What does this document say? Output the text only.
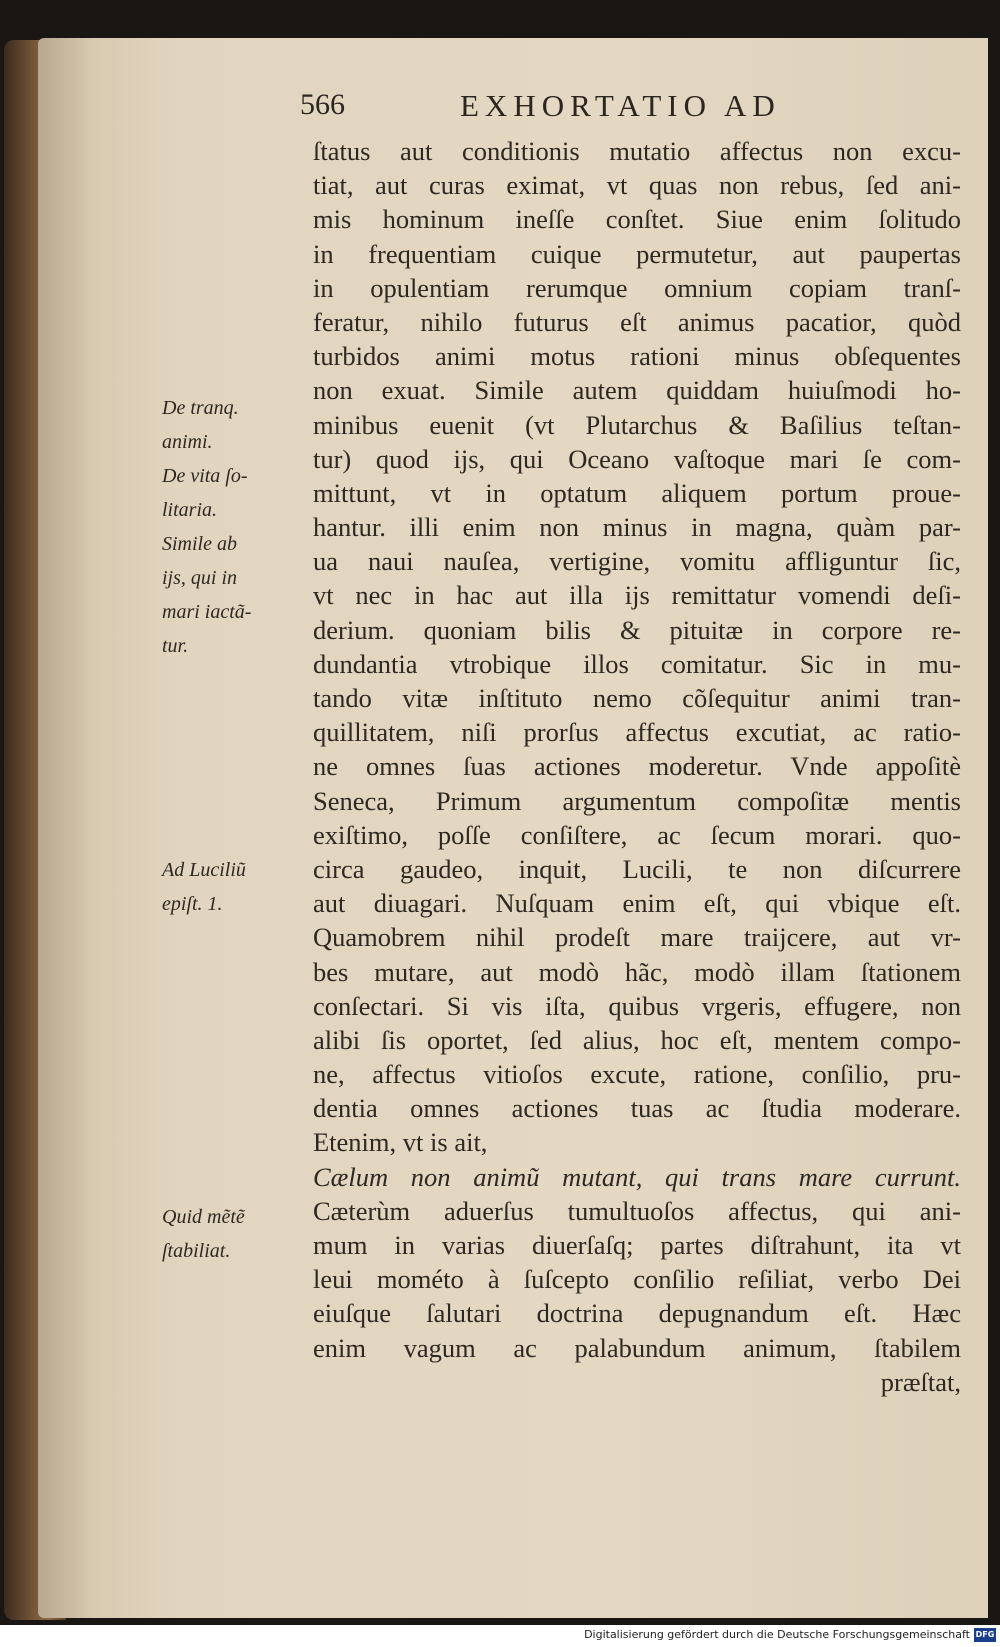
566	EXHORTATIO AD
ſtatus aut conditionis mutatio affectus non excu-
tiat, aut curas eximat, vt quas non rebus, ſed ani-
mis hominum ineſſe conſtet. Siue enim ſolitudo
in frequentiam cuique permutetur, aut paupertas
in opulentiam rerumque omnium copiam tranſ-
feratur, nihilo futurus eſt animus pacatior, quòd
turbidos animi motus rationi minus obſequentes
non exuat. Simile autem quiddam huiuſmodi ho-
minibus euenit (vt Plutarchus & Baſilius teſtan-
tur) quod ijs, qui Oceano vaſtoque mari ſe com-
mittunt, vt in optatum aliquem portum proue-
hantur. illi enim non minus in magna, quàm par-
ua naui nauſea, vertigine, vomitu affliguntur ſic,
vt nec in hac aut illa ijs remittatur vomendi deſi-
derium. quoniam bilis & pituitæ in corpore re-
dundantia vtrobique illos comitatur. Sic in mu-
tando vitæ inſtituto nemo cõſequitur animi tran-
quillitatem, niſi prorſus affectus excutiat, ac ratio-
ne omnes ſuas actiones moderetur. Vnde appoſitè
Seneca, Primum argumentum compoſitæ mentis
exiſtimo, poſſe conſiſtere, ac ſecum morari. quo-
circa gaudeo, inquit, Lucili, te non diſcurrere
aut diuagari. Nuſquam enim eſt, qui vbique eſt.
Quamobrem nihil prodeſt mare traijcere, aut vr-
bes mutare, aut modò hãc, modò illam ſtationem
conſectari. Si vis iſta, quibus vrgeris, effugere, non
alibi ſis oportet, ſed alius, hoc eſt, mentem compo-
ne, affectus vitioſos excute, ratione, conſilio, pru-
dentia omnes actiones tuas ac ſtudia moderare.
Etenim, vt is ait,
Cælum non animũ mutant, qui trans mare currunt.
Cæterùm aduerſus tumultuoſos affectus, qui ani-
mum in varias diuerſaſq; partes diſtrahunt, ita vt
leui mométo à ſuſcepto conſilio reſiliat, verbo Dei
eiuſque ſalutari doctrina depugnandum eſt. Hæc
enim vagum ac palabundum animum, ſtabilem
præſtat,
De tranq.
animi.
De vita ſo-
litaria.
Simile ab
ijs, qui in
mari iactã-
tur.
Ad Luciliũ
epiſt. 1.
Quid mẽtẽ
ſtabiliat.
Digitalisierung gefördert durch die Deutsche Forschungsgemeinschaft DFG
